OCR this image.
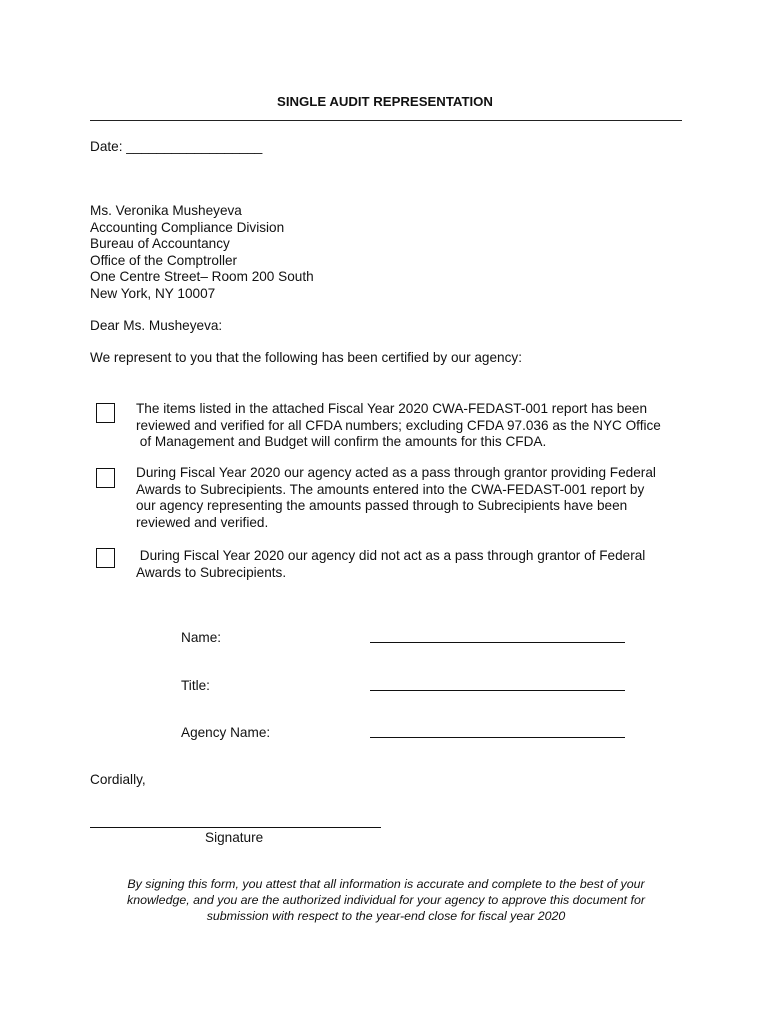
SINGLE AUDIT REPRESENTATION
Date: __________________
Ms. Veronika Musheyeva
Accounting Compliance Division
Bureau of Accountancy
Office of the Comptroller
One Centre Street– Room 200 South
New York, NY 10007
Dear Ms. Musheyeva:
We represent to you that the following has been certified by our agency:
The items listed in the attached Fiscal Year 2020 CWA-FEDAST-001 report has been
reviewed and verified for all CFDA numbers; excluding CFDA 97.036 as the NYC Office
of Management and Budget will confirm the amounts for this CFDA.
During Fiscal Year 2020 our agency acted as a pass through grantor providing Federal
Awards to Subrecipients. The amounts entered into the CWA-FEDAST-001 report by
our agency representing the amounts passed through to Subrecipients have been
reviewed and verified.
During Fiscal Year 2020 our agency did not act as a pass through grantor of Federal
Awards to Subrecipients.
Name:
Title:
Agency Name:
Cordially,
Signature
By signing this form, you attest that all information is accurate and complete to the best of your
knowledge, and you are the authorized individual for your agency to approve this document for
submission with respect to the year-end close for fiscal year 2020
